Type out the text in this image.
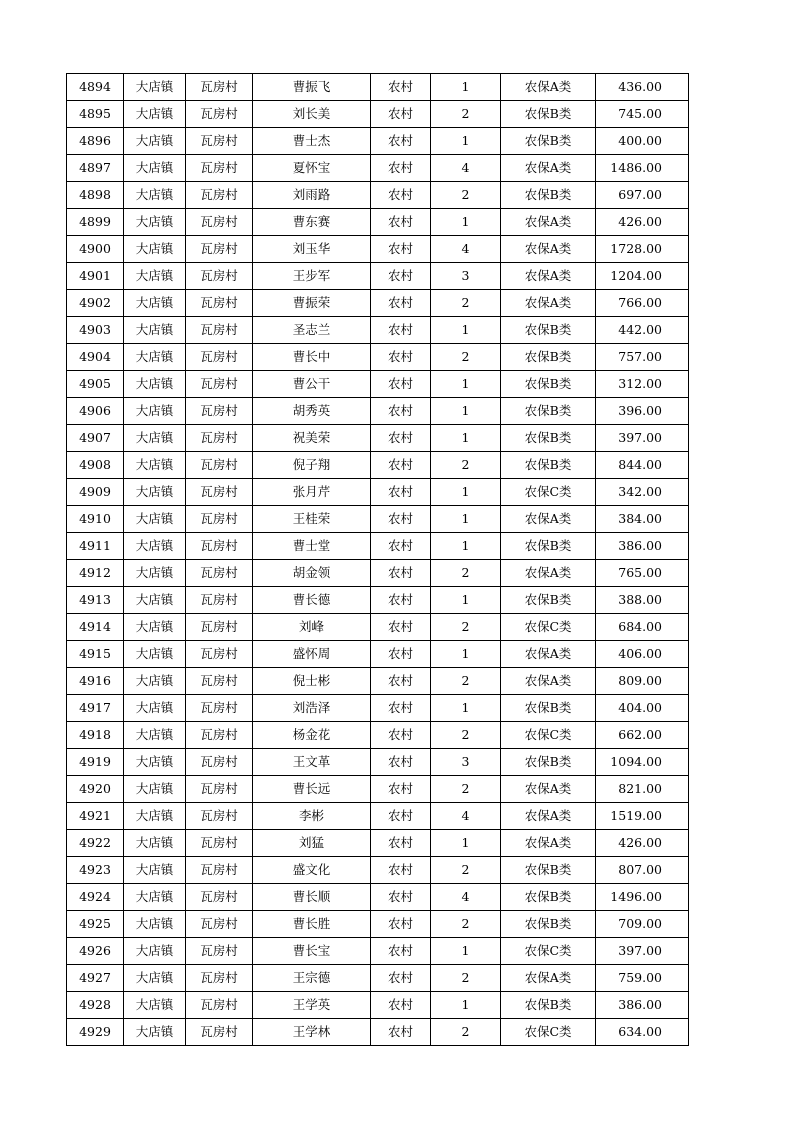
4894	大店镇	瓦房村	曹振飞	农村	1	农保A类	436.00
4895	大店镇	瓦房村	刘长美	农村	2	农保B类	745.00
4896	大店镇	瓦房村	曹士杰	农村	1	农保B类	400.00
4897	大店镇	瓦房村	夏怀宝	农村	4	农保A类	1486.00
4898	大店镇	瓦房村	刘雨路	农村	2	农保B类	697.00
4899	大店镇	瓦房村	曹东赛	农村	1	农保A类	426.00
4900	大店镇	瓦房村	刘玉华	农村	4	农保A类	1728.00
4901	大店镇	瓦房村	王步军	农村	3	农保A类	1204.00
4902	大店镇	瓦房村	曹振荣	农村	2	农保A类	766.00
4903	大店镇	瓦房村	圣志兰	农村	1	农保B类	442.00
4904	大店镇	瓦房村	曹长中	农村	2	农保B类	757.00
4905	大店镇	瓦房村	曹公干	农村	1	农保B类	312.00
4906	大店镇	瓦房村	胡秀英	农村	1	农保B类	396.00
4907	大店镇	瓦房村	祝美荣	农村	1	农保B类	397.00
4908	大店镇	瓦房村	倪子翔	农村	2	农保B类	844.00
4909	大店镇	瓦房村	张月芹	农村	1	农保C类	342.00
4910	大店镇	瓦房村	王桂荣	农村	1	农保A类	384.00
4911	大店镇	瓦房村	曹士堂	农村	1	农保B类	386.00
4912	大店镇	瓦房村	胡金领	农村	2	农保A类	765.00
4913	大店镇	瓦房村	曹长德	农村	1	农保B类	388.00
4914	大店镇	瓦房村	刘峰	农村	2	农保C类	684.00
4915	大店镇	瓦房村	盛怀周	农村	1	农保A类	406.00
4916	大店镇	瓦房村	倪士彬	农村	2	农保A类	809.00
4917	大店镇	瓦房村	刘浩泽	农村	1	农保B类	404.00
4918	大店镇	瓦房村	杨金花	农村	2	农保C类	662.00
4919	大店镇	瓦房村	王文革	农村	3	农保B类	1094.00
4920	大店镇	瓦房村	曹长远	农村	2	农保A类	821.00
4921	大店镇	瓦房村	李彬	农村	4	农保A类	1519.00
4922	大店镇	瓦房村	刘猛	农村	1	农保A类	426.00
4923	大店镇	瓦房村	盛文化	农村	2	农保B类	807.00
4924	大店镇	瓦房村	曹长顺	农村	4	农保B类	1496.00
4925	大店镇	瓦房村	曹长胜	农村	2	农保B类	709.00
4926	大店镇	瓦房村	曹长宝	农村	1	农保C类	397.00
4927	大店镇	瓦房村	王宗德	农村	2	农保A类	759.00
4928	大店镇	瓦房村	王学英	农村	1	农保B类	386.00
4929	大店镇	瓦房村	王学林	农村	2	农保C类	634.00
